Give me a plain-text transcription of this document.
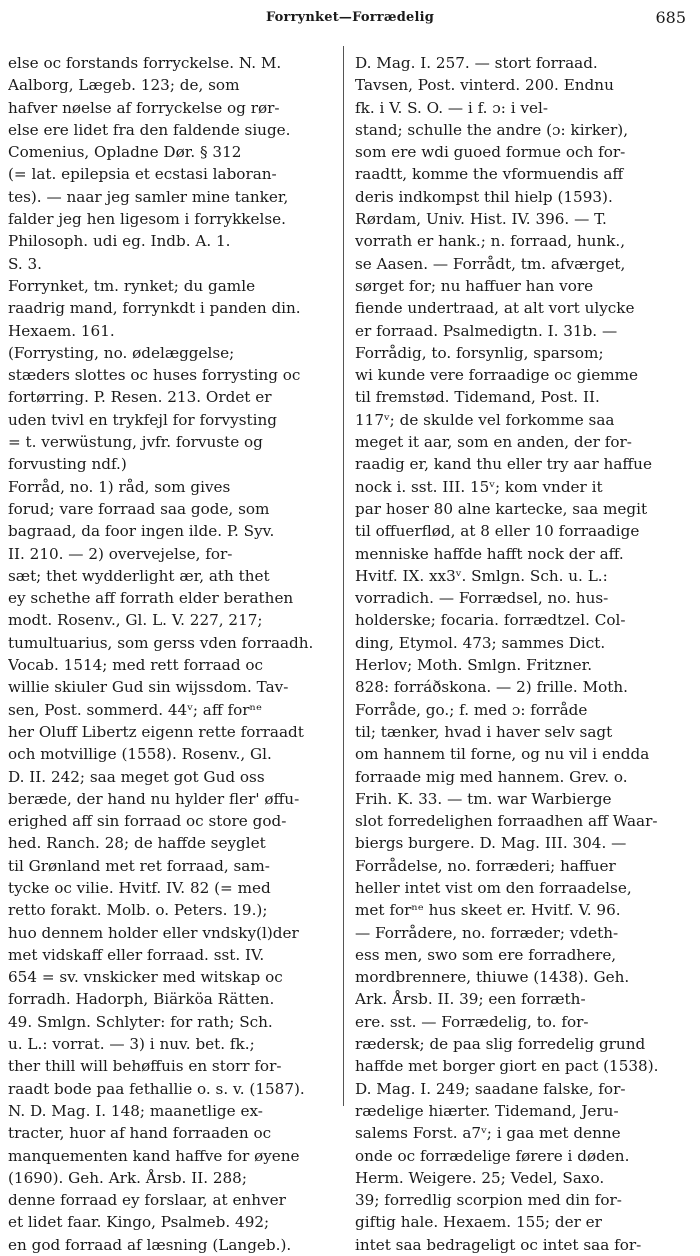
Forrynket—Forrædelig	685
else oc forstands forryckelse. N. M.
Aalborg, Lægeb. 123; de, som
hafver nøelse af forryckelse og rør-
else ere lidet fra den faldende siuge.
Comenius, Opladne Dør. § 312
(= lat. epilepsia et ecstasi laboran-
tes). — naar jeg samler mine tanker,
falder jeg hen ligesom i forrykkelse.
Philosoph. udi eg. Indb. A. 1.
S. 3.
Forrynket, tm. rynket; du gamle
raadrig mand, forrynkdt i panden din.
Hexaem. 161.
(Forrysting, no. ødelæggelse;
stæders slottes oc huses forrysting oc
fortørring. P. Resen. 213. Ordet er
uden tvivl en trykfejl for forvysting
= t. verwüstung, jvfr. forvuste og
forvusting ndf.)
Forråd, no. 1) råd, som gives
forud; vare forraad saa gode, som
bagraad, da foor ingen ilde. P. Syv.
II. 210. — 2) overvejelse, for-
sæt; thet wydderlight ær, ath thet
ey schethe aff forrath elder berathen
modt. Rosenv., Gl. L. V. 227, 217;
tumultuarius, som gerss vden forraadh.
Vocab. 1514; med rett forraad oc
willie skiuler Gud sin wijssdom. Tav-
sen, Post. sommerd. 44ᵛ; aff forⁿᵉ
her Oluff Libertz eigenn rette forraadt
och motvillige (1558). Rosenv., Gl.
D. II. 242; saa meget got Gud oss
beræde, der hand nu hylder fler' øffu-
erighed aff sin forraad oc store god-
hed. Ranch. 28; de haffde seyglet
til Grønland met ret forraad, sam-
tycke oc vilie. Hvitf. IV. 82 (= med
retto forakt. Molb. o. Peters. 19.);
huo dennem holder eller vndsky(l)der
met vidskaff eller forraad. sst. IV.
654 = sv. vnskicker med witskap oc
forradh. Hadorph, Biärköa Rätten.
49. Smlgn. Schlyter: for rath; Sch.
u. L.: vorrat. — 3) i nuv. bet. fk.;
ther thill will behøffuis en storr for-
raadt bode paa fethallie o. s. v. (1587).
N. D. Mag. I. 148; maanetlige ex-
tracter, huor af hand forraaden oc
manquementen kand haffve for øyene
(1690). Geh. Ark. Årsb. II. 288;
denne forraad ey forslaar, at enhver
et lidet faar. Kingo, Psalmeb. 492;
en god forraad af læsning (Langeb.).
D. Mag. I. 257. — stort forraad.
Tavsen, Post. vinterd. 200. Endnu
fk. i V. S. O. — i f. ɔ: i vel-
stand; schulle the andre (ɔ: kirker),
som ere wdi guoed formue och for-
raadtt, komme the vformuendis aff
deris indkompst thil hielp (1593).
Rørdam, Univ. Hist. IV. 396. — T.
vorrath er hank.; n. forraad, hunk.,
se Aasen. — Forrådt, tm. afværget,
sørget for; nu haffuer han vore
fiende undertraad, at alt vort ulycke
er forraad. Psalmedigtn. I. 31b. —
Forrådig, to. forsynlig, sparsom;
wi kunde vere forraadige oc giemme
til fremstød. Tidemand, Post. II.
117ᵛ; de skulde vel forkomme saa
meget it aar, som en anden, der for-
raadig er, kand thu eller try aar haffue
nock i. sst. III. 15ᵛ; kom vnder it
par hoser 80 alne kartecke, saa megit
til offuerflød, at 8 eller 10 forraadige
menniske haffde hafft nock der aff.
Hvitf. IX. xx3ᵛ. Smlgn. Sch. u. L.:
vorradich. — Forrædsel, no. hus-
holderske; focaria. forrædtzel. Col-
ding, Etymol. 473; sammes Dict.
Herlov; Moth. Smlgn. Fritzner.
828: forráðskona. — 2) frille. Moth.
Forråde, go.; f. med ɔ: forråde
til; tænker, hvad i haver selv sagt
om hannem til forne, og nu vil i endda
forraade mig med hannem. Grev. o.
Frih. K. 33. — tm. war Warbierge
slot forredelighen forraadhen aff Waar-
biergs burgere. D. Mag. III. 304. —
Forrådelse, no. forræderi; haffuer
heller intet vist om den forraadelse,
met forⁿᵉ hus skeet er. Hvitf. V. 96.
— Forrådere, no. forræder; vdeth-
ess men, swo som ere forradhere,
mordbrennere, thiuwe (1438). Geh.
Ark. Årsb. II. 39; een forræth-
ere. sst. — Forrædelig, to. for-
rædersk; de paa slig forredelig grund
haffde met borger giort en pact (1538).
D. Mag. I. 249; saadane falske, for-
rædelige hiærter. Tidemand, Jeru-
salems Forst. a7ᵛ; i gaa met denne
onde oc forrædelige førere i døden.
Herm. Weigere. 25; Vedel, Saxo.
39; forredlig scorpion med din for-
giftig hale. Hexaem. 155; der er
intet saa bedrageligt oc intet saa for-
